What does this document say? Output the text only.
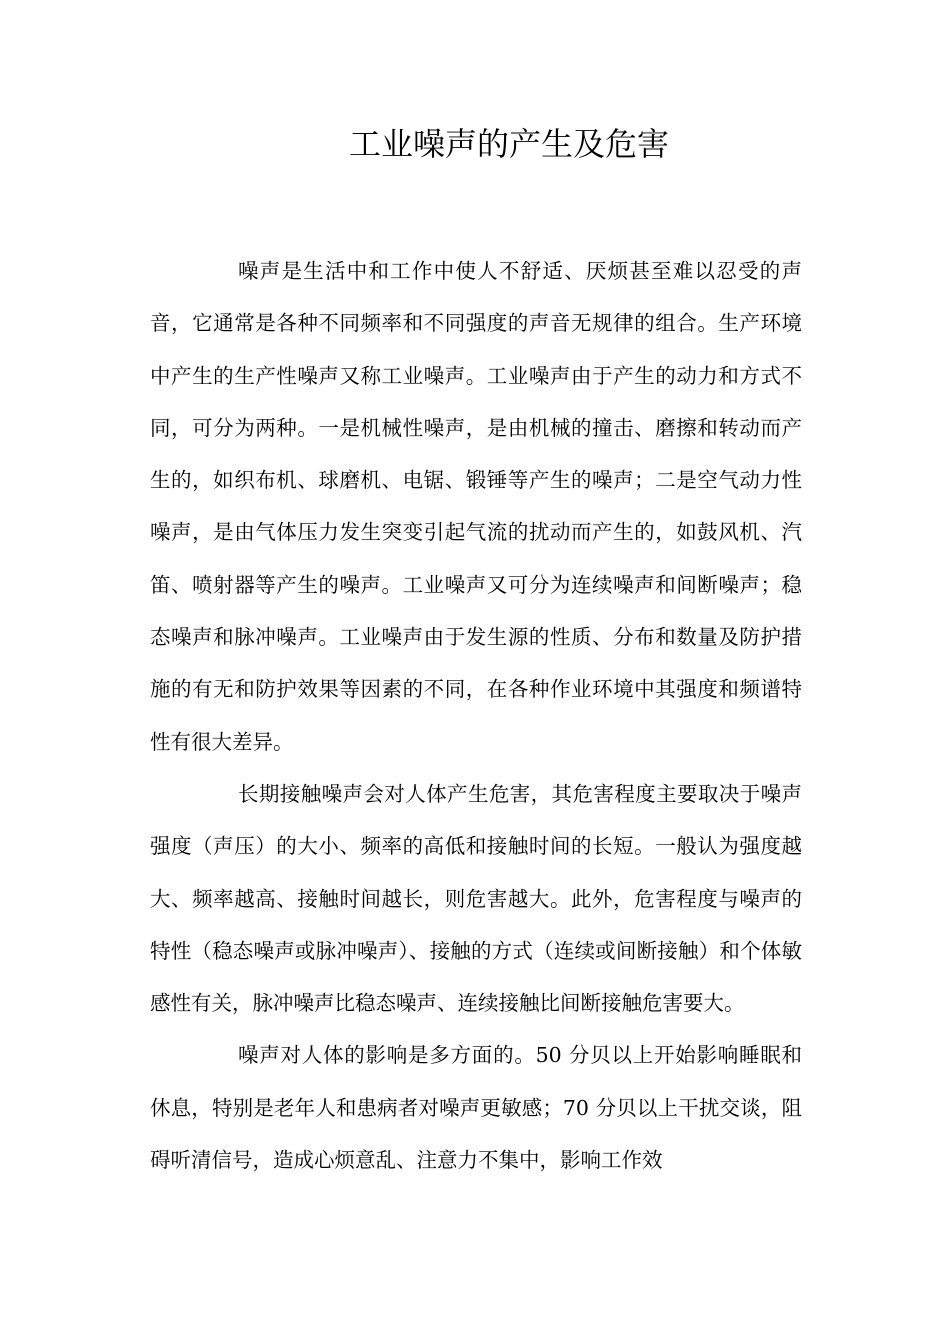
工业噪声的产生及危害

噪声是生活中和工作中使人不舒适、厌烦甚至难以忍受的声音，它通常是各种不同频率和不同强度的声音无规律的组合。生产环境中产生的生产性噪声又称工业噪声。工业噪声由于产生的动力和方式不同，可分为两种。一是机械性噪声，是由机械的撞击、磨擦和转动而产生的，如织布机、球磨机、电锯、锻锤等产生的噪声；二是空气动力性噪声，是由气体压力发生突变引起气流的扰动而产生的，如鼓风机、汽笛、喷射器等产生的噪声。工业噪声又可分为连续噪声和间断噪声；稳态噪声和脉冲噪声。工业噪声由于发生源的性质、分布和数量及防护措施的有无和防护效果等因素的不同，在各种作业环境中其强度和频谱特性有很大差异。

长期接触噪声会对人体产生危害，其危害程度主要取决于噪声强度（声压）的大小、频率的高低和接触时间的长短。一般认为强度越大、频率越高、接触时间越长，则危害越大。此外，危害程度与噪声的特性（稳态噪声或脉冲噪声）、接触的方式（连续或间断接触）和个体敏感性有关，脉冲噪声比稳态噪声、连续接触比间断接触危害要大。

噪声对人体的影响是多方面的。50 分贝以上开始影响睡眠和休息，特别是老年人和患病者对噪声更敏感；70 分贝以上干扰交谈，阻碍听清信号，造成心烦意乱、注意力不集中，影响工作效
